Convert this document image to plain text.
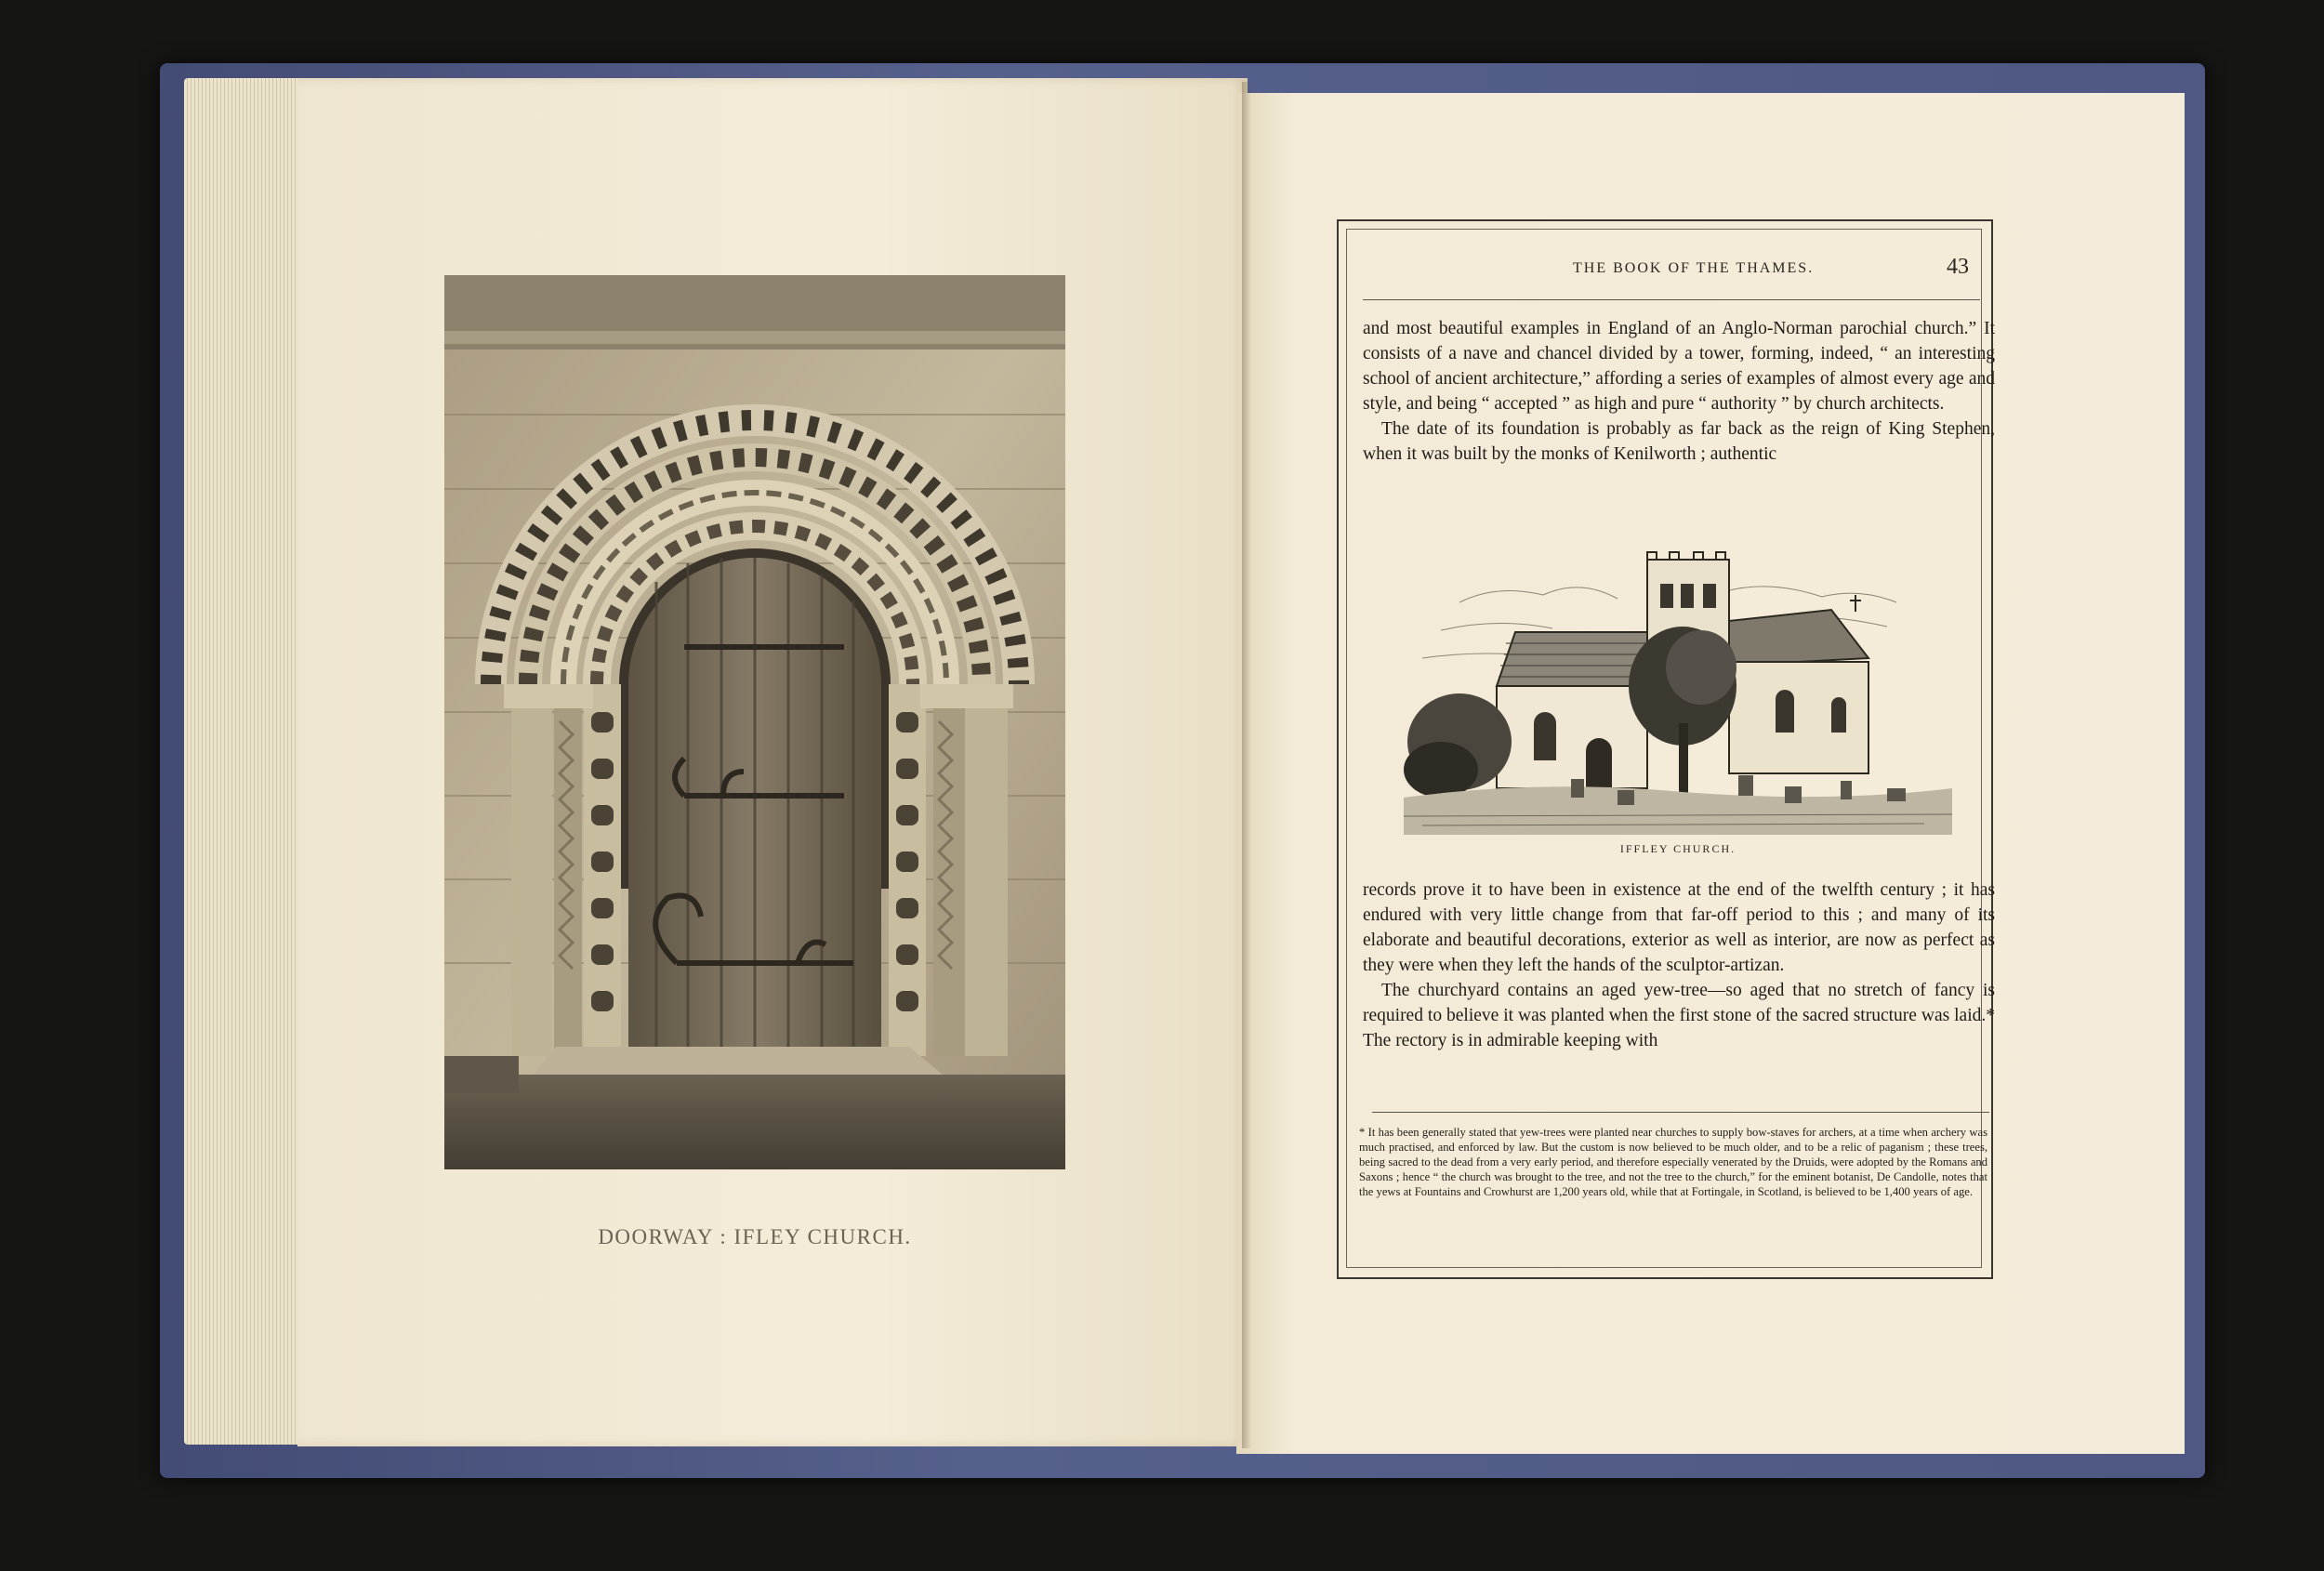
DOORWAY : IFLEY CHURCH.
THE BOOK OF THE THAMES.	43

and most beautiful examples in England of an Anglo-Norman parochial church.” It consists of a nave and chancel divided by a tower, forming, indeed, “ an interesting school of ancient architecture,” affording a series of examples of almost every age and style, and being “ accepted ” as high and pure “ authority ” by church architects.

The date of its foundation is probably as far back as the reign of King Stephen, when it was built by the monks of Kenilworth ; authentic

IFFLEY CHURCH.

records prove it to have been in existence at the end of the twelfth century ; it has endured with very little change from that far-off period to this ; and many of its elaborate and beautiful decorations, exterior as well as interior, are now as perfect as they were when they left the hands of the sculptor-artizan.

The churchyard contains an aged yew-tree—so aged that no stretch of fancy is required to believe it was planted when the first stone of the sacred structure was laid.* The rectory is in admirable keeping with

* It has been generally stated that yew-trees were planted near churches to supply bow-staves for archers, at a time when archery was much practised, and enforced by law. But the custom is now believed to be much older, and to be a relic of paganism ; these trees, being sacred to the dead from a very early period, and therefore especially venerated by the Druids, were adopted by the Romans and Saxons ; hence “ the church was brought to the tree, and not the tree to the church,” for the eminent botanist, De Candolle, notes that the yews at Fountains and Crowhurst are 1,200 years old, while that at Fortingale, in Scotland, is believed to be 1,400 years of age.
